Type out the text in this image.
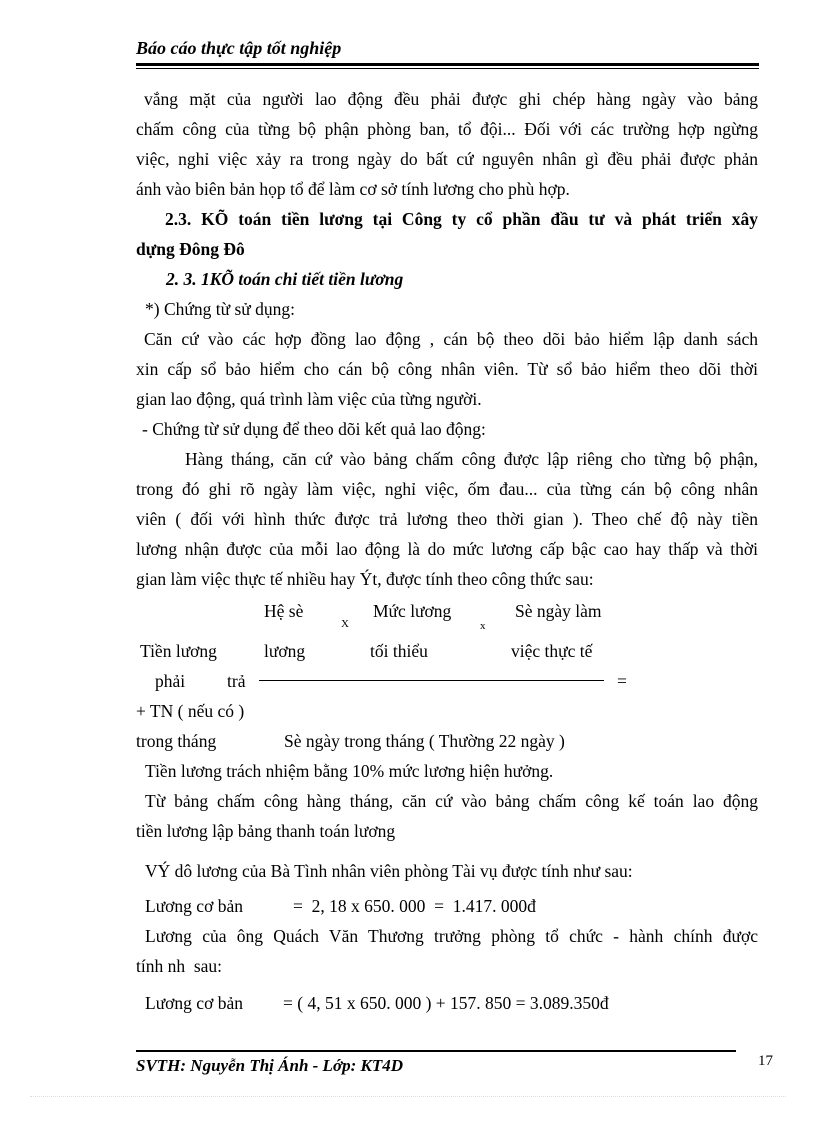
Báo cáo thực tập tốt nghiệp
vắng mặt của người lao động đều phải được ghi chép hàng ngày vào bảng
chấm công của từng bộ phận phòng ban, tổ đội... Đối với các trường hợp ngừng
việc, nghỉ việc xảy ra trong ngày do bất cứ nguyên nhân gì đều phải được phản
ánh vào biên bản họp tổ để làm cơ sở tính lương cho phù hợp.
2.3. KÕ toán tiền lương tại Công ty cổ phần đầu tư và phát triển xây
dựng Đông Đô
2. 3. 1KÕ toán chi tiết tiền lương
*) Chứng từ sử dụng:
Căn cứ vào các hợp đồng lao động , cán bộ theo dõi bảo hiểm lập danh sách
xin cấp sổ bảo hiểm cho cán bộ công nhân viên. Từ sổ bảo hiểm theo dõi thời
gian lao động, quá trình làm việc của từng người.
- Chứng từ sử dụng để theo dõi kết quả lao động:
Hàng tháng, căn cứ vào bảng chấm công được lập riêng cho từng bộ phận,
trong đó ghi rõ ngày làm việc, nghỉ việc, ốm đau... của từng cán bộ công nhân
viên ( đối với hình thức được trả lương theo thời gian ). Theo chế độ này tiền
lương nhận được của mỗi lao động là do mức lương cấp bậc cao hay thấp và thời
gian làm việc thực tế nhiều hay Ýt, được tính theo công thức sau:
Hệ sè
X
Mức lương
x
Sè ngày làm
Tiền lương	lương	tối thiểu	việc thực tế
phải trả	=
+ TN ( nếu có )
trong tháng	Sè ngày trong tháng ( Thường 22 ngày )
Tiền lương trách nhiệm bằng 10% mức lương hiện hưởng.
Từ bảng chấm công hàng tháng, căn cứ vào bảng chấm công kế toán lao động
tiền lương lập bảng thanh toán lương
VÝ dô lương của Bà Tình nhân viên phòng Tài vụ được tính như sau:
Lương cơ bản	=  2, 18 x 650. 000  =  1.417. 000đ
Lương của ông Quách Văn Thương trưởng phòng tổ chức - hành chính được
tính nh  sau:
Lương cơ bản = ( 4, 51 x 650. 000 ) + 157. 850 = 3.089.350đ
SVTH: Nguyễn Thị Ánh - Lớp: KT4D	17
